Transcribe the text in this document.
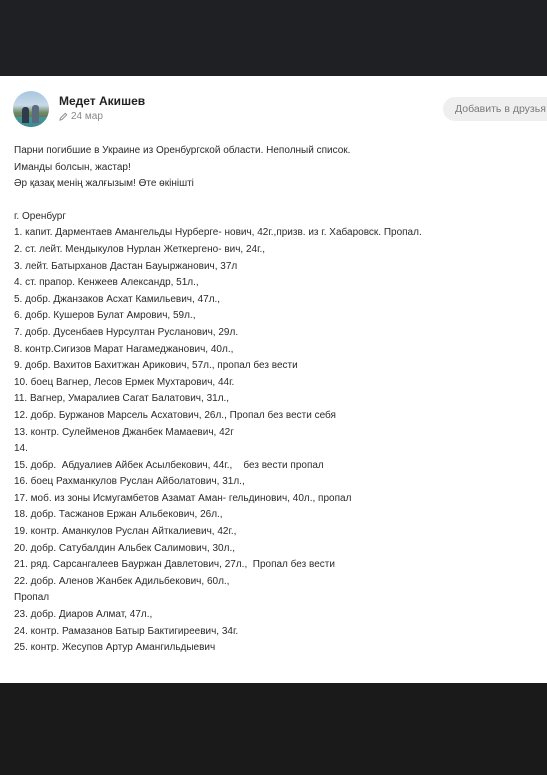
Медет Акишев
24 мар
Добавить в друзья
Парни погибшие в Украине из Оренбургской области. Неполный список.
Иманды болсын, жастар!
Әр қазақ менің жалғызым! Өте өкінішті
г. Оренбург
1. капит. Дарментаев Амангельды Нурберге- нович, 42г.,призв. из г. Хабаровск. Пропал.
2. ст. лейт. Мендыкулов Нурлан Жеткергено- вич, 24г.,
3. лейт. Батырханов Дастан Бауыржанович, 37л
4. ст. прапор. Кенжеев Александр, 51л.,
5. добр. Джанзаков Асхат Камильевич, 47л.,
6. добр. Кушеров Булат Амрович, 59л.,
7. добр. Дусенбаев Нурсултан Русланович, 29л.
8. контр.Сигизов Марат Нагамеджанович, 40л.,
9. добр. Вахитов Бахитжан Арикович, 57л., пропал без вести
10. боец Вагнер, Лесов Ермек Мухтарович, 44г.
11. Вагнер, Умаралиев Сагат Балатович, 31л.,
12. добр. Буржанов Марсель Асхатович, 26л., Пропал без вести себя
13. контр. Сулейменов Джанбек Мамаевич, 42г
14.
15. добр.  Абдуалиев Айбек Асылбекович, 44г.,    без вести пропал
16. боец Рахманкулов Руслан Айболатович, 31л.,
17. моб. из зоны Исмугамбетов Азамат Аман- гельдинович, 40л., пропал
18. добр. Тасжанов Ержан Альбекович, 26л.,
19. контр. Аманкулов Руслан Айткалиевич, 42г.,
20. добр. Сатубалдин Альбек Салимович, 30л.,
21. ряд. Сарсангалеев Бауржан Давлетович, 27л.,  Пропал без вести
22. добр. Аленов Жанбек Адильбекович, 60л.,
Пропал
23. добр. Диаров Алмат, 47л.,
24. контр. Рамазанов Батыр Бактигиреевич, 34г.
25. контр. Жесупов Артур Амангильдыевич
